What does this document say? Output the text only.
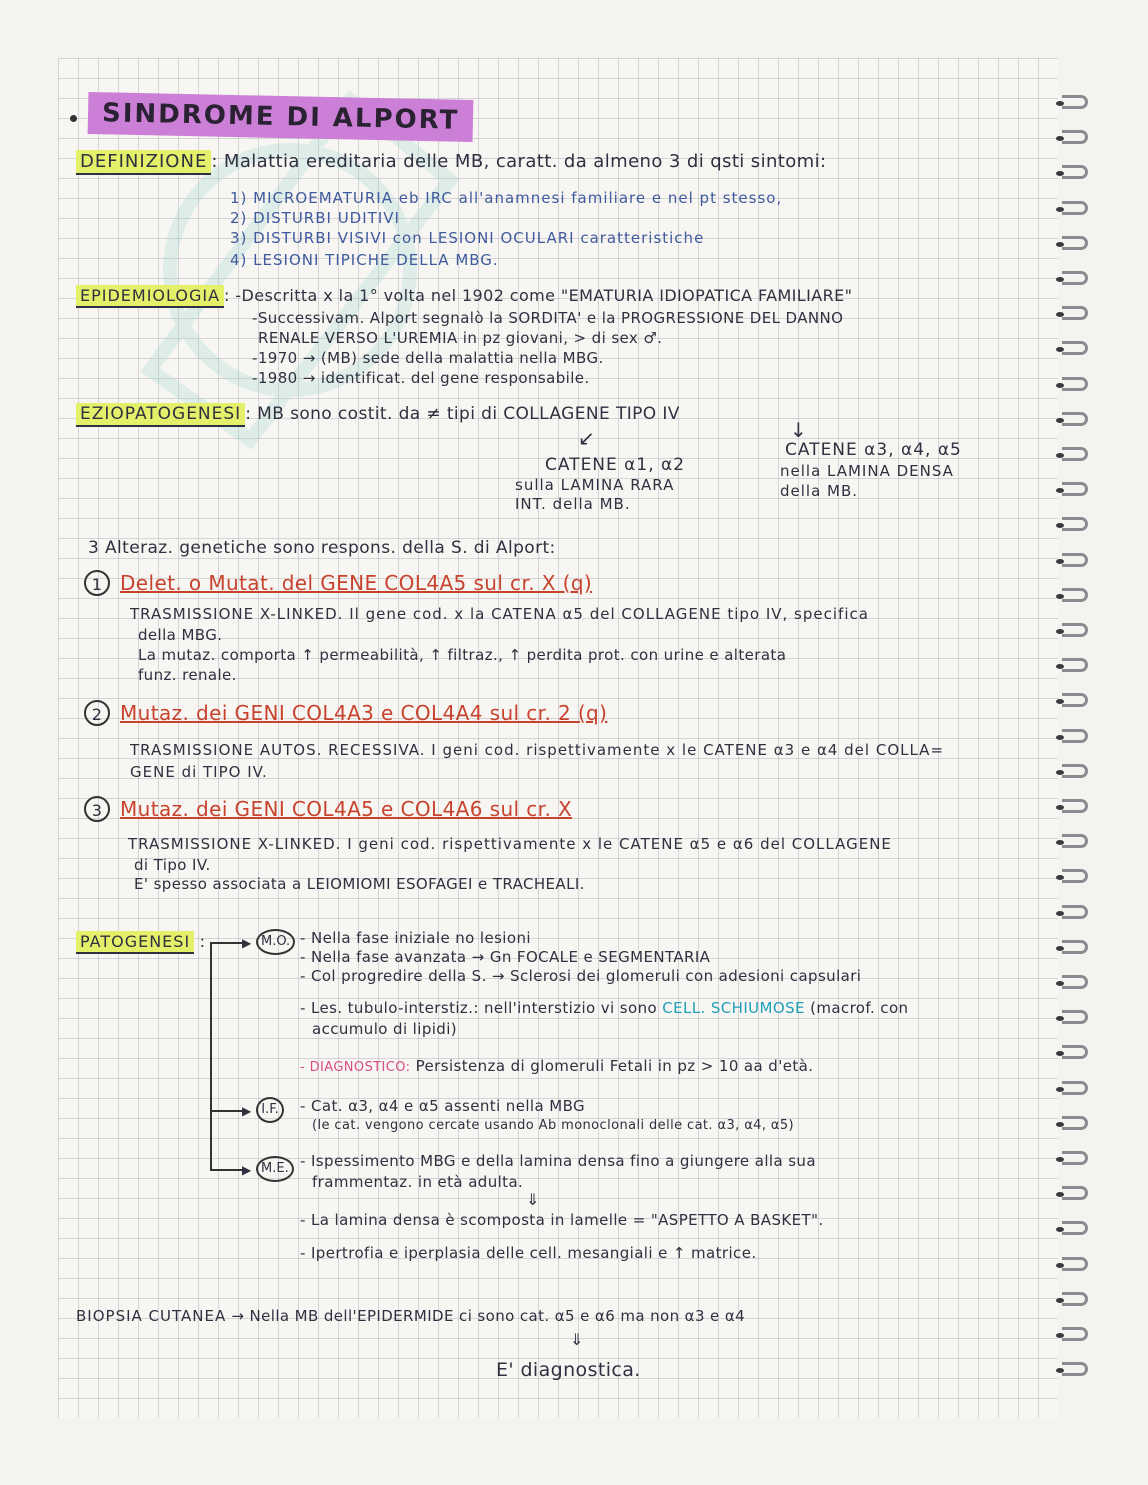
SINDROME DI ALPORT
DEFINIZIONE : Malattia ereditaria delle MB, caratt. da almeno 3 di qsti sintomi:
1) MICROEMATURIA eb IRC all'anamnesi familiare e nel pt stesso,
2) DISTURBI UDITIVI
3) DISTURBI VISIVI con LESIONI OCULARI caratteristiche
4) LESIONI TIPICHE DELLA MBG.
EPIDEMIOLOGIA : -Descritta x la 1° volta nel 1902 come "EMATURIA IDIOPATICA FAMILIARE"
-Successivam. Alport segnalò la SORDITA' e la PROGRESSIONE DEL DANNO
RENALE VERSO L'UREMIA in pz giovani, > di sex ♂.
-1970 → (MB) sede della malattia nella MBG.
-1980 → identificat. del gene responsabile.
EZIOPATOGENESI : MB sono costit. da ≠ tipi di COLLAGENE TIPO IV
↙	↓
CATENE α1, α2
sulla LAMINA RARA
INT. della MB.
CATENE α3, α4, α5
nella LAMINA DENSA
della MB.
3 Alteraz. genetiche sono respons. della S. di Alport:
1 Delet. o Mutat. del GENE COL4A5 sul cr. X (q)
TRASMISSIONE X-LINKED. Il gene cod. x la CATENA α5 del COLLAGENE tipo IV, specifica
della MBG.
La mutaz. comporta ↑ permeabilità, ↑ filtraz., ↑ perdita prot. con urine e alterata
funz. renale.
2 Mutaz. dei GENI COL4A3 e COL4A4 sul cr. 2 (q)
TRASMISSIONE AUTOS. RECESSIVA. I geni cod. rispettivamente x le CATENE α3 e α4 del COLLA=
GENE di TIPO IV.
3 Mutaz. dei GENI COL4A5 e COL4A6 sul cr. X
TRASMISSIONE X-LINKED. I geni cod. rispettivamente x le CATENE α5 e α6 del COLLAGENE
di Tipo IV.
E' spesso associata a LEIOMIOMI ESOFAGEI e TRACHEALI.
PATOGENESI :	▶
▶
▶
M.O. - Nella fase iniziale no lesioni
- Nella fase avanzata → Gn FOCALE e SEGMENTARIA
- Col progredire della S. → Sclerosi dei glomeruli con adesioni capsulari
- Les. tubulo-interstiz.: nell'interstizio vi sono CELL. SCHIUMOSE (macrof. con
accumulo di lipidi)
- DIAGNOSTICO: Persistenza di glomeruli Fetali in pz > 10 aa d'età.
I.F.	- Cat. α3, α4 e α5 assenti nella MBG
(le cat. vengono cercate usando Ab monoclonali delle cat. α3, α4, α5)
M.E. - Ispessimento MBG e della lamina densa fino a giungere alla sua
frammentaz. in età adulta.
⇓
- La lamina densa è scomposta in lamelle = "ASPETTO A BASKET".
- Ipertrofia e iperplasia delle cell. mesangiali e ↑ matrice.
BIOPSIA CUTANEA → Nella MB dell'EPIDERMIDE ci sono cat. α5 e α6 ma non α3 e α4
⇓
E' diagnostica.
